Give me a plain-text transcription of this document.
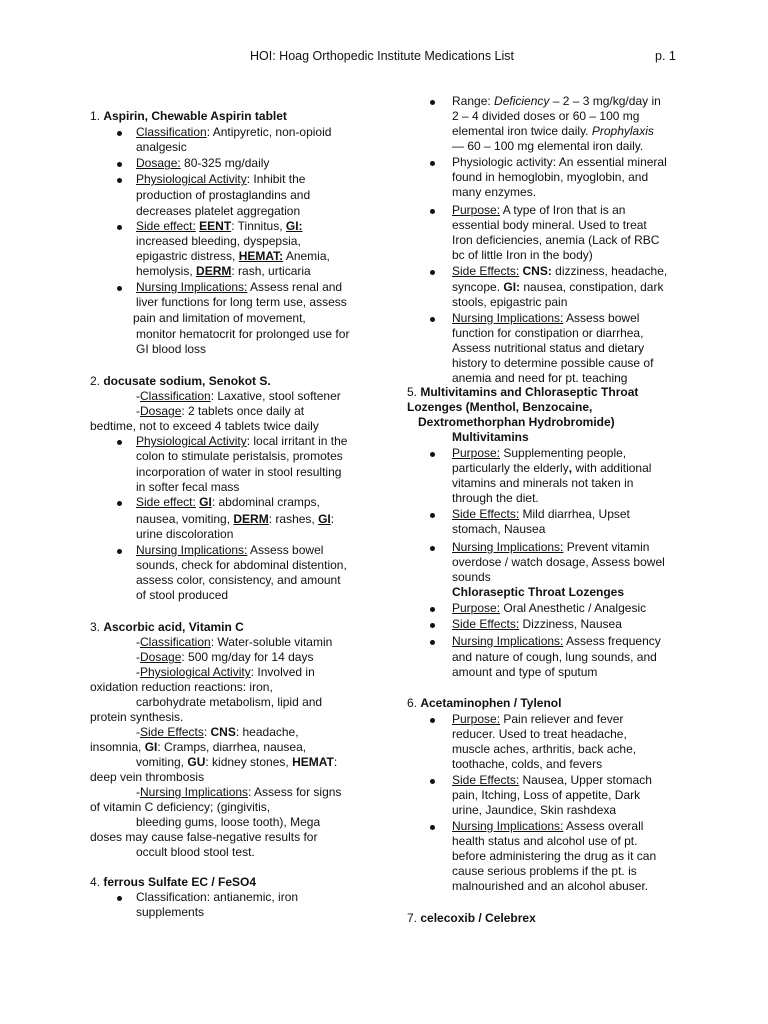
HOI: Hoag Orthopedic Institute Medications List	p. 1
1. Aspirin, Chewable Aspirin tablet
Classification: Antipyretic, non-opioid
analgesic
Dosage: 80-325 mg/daily
Physiological Activity: Inhibit the
production of prostaglandins and
decreases platelet aggregation
Side effect: EENT: Tinnitus, GI:
increased bleeding, dyspepsia,
epigastric distress, HEMAT: Anemia,
hemolysis, DERM: rash, urticaria
Nursing Implications: Assess renal and
liver functions for long term use, assess
pain and limitation of movement,
monitor hematocrit for prolonged use for
GI blood loss
2. docusate sodium, Senokot S.
-Classification: Laxative, stool softener
-Dosage: 2 tablets once daily at
bedtime, not to exceed 4 tablets twice daily
Physiological Activity: local irritant in the
colon to stimulate peristalsis, promotes
incorporation of water in stool resulting
in softer fecal mass
Side effect: GI: abdominal cramps,
nausea, vomiting, DERM: rashes, GI:
urine discoloration
Nursing Implications: Assess bowel
sounds, check for abdominal distention,
assess color, consistency, and amount
of stool produced
3. Ascorbic acid, Vitamin C
-Classification: Water-soluble vitamin
-Dosage: 500 mg/day for 14 days
-Physiological Activity: Involved in
oxidation reduction reactions: iron,
carbohydrate metabolism, lipid and
protein synthesis.
-Side Effects: CNS: headache,
insomnia, GI: Cramps, diarrhea, nausea,
vomiting, GU: kidney stones, HEMAT:
deep vein thrombosis
-Nursing Implications: Assess for signs
of vitamin C deficiency; (gingivitis,
bleeding gums, loose tooth), Mega
doses may cause false-negative results for
occult blood stool test.
4. ferrous Sulfate EC / FeSO4
Classification: antianemic, iron
supplements
Range: Deficiency – 2 – 3 mg/kg/day in
2 – 4 divided doses or 60 – 100 mg
elemental iron twice daily. Prophylaxis
— 60 – 100 mg elemental iron daily.
Physiologic activity: An essential mineral
found in hemoglobin, myoglobin, and
many enzymes.
Purpose: A type of Iron that is an
essential body mineral. Used to treat
Iron deficiencies, anemia (Lack of RBC
bc of little Iron in the body)
Side Effects: CNS: dizziness, headache,
syncope. GI: nausea, constipation, dark
stools, epigastric pain
Nursing Implications: Assess bowel
function for constipation or diarrhea,
Assess nutritional status and dietary
history to determine possible cause of
anemia and need for pt. teaching
5. Multivitamins and Chloraseptic Throat
Lozenges (Menthol, Benzocaine,
Dextromethorphan Hydrobromide)
Multivitamins
Purpose: Supplementing people,
particularly the elderly, with additional
vitamins and minerals not taken in
through the diet.
Side Effects: Mild diarrhea, Upset
stomach, Nausea
Nursing Implications: Prevent vitamin
overdose / watch dosage, Assess bowel
sounds
Chloraseptic Throat Lozenges
Purpose: Oral Anesthetic / Analgesic
Side Effects: Dizziness, Nausea
Nursing Implications: Assess frequency
and nature of cough, lung sounds, and
amount and type of sputum
6. Acetaminophen / Tylenol
Purpose: Pain reliever and fever
reducer. Used to treat headache,
muscle aches, arthritis, back ache,
toothache, colds, and fevers
Side Effects: Nausea, Upper stomach
pain, Itching, Loss of appetite, Dark
urine, Jaundice, Skin rashdexa
Nursing Implications: Assess overall
health status and alcohol use of pt.
before administering the drug as it can
cause serious problems if the pt. is
malnourished and an alcohol abuser.
7. celecoxib / Celebrex
